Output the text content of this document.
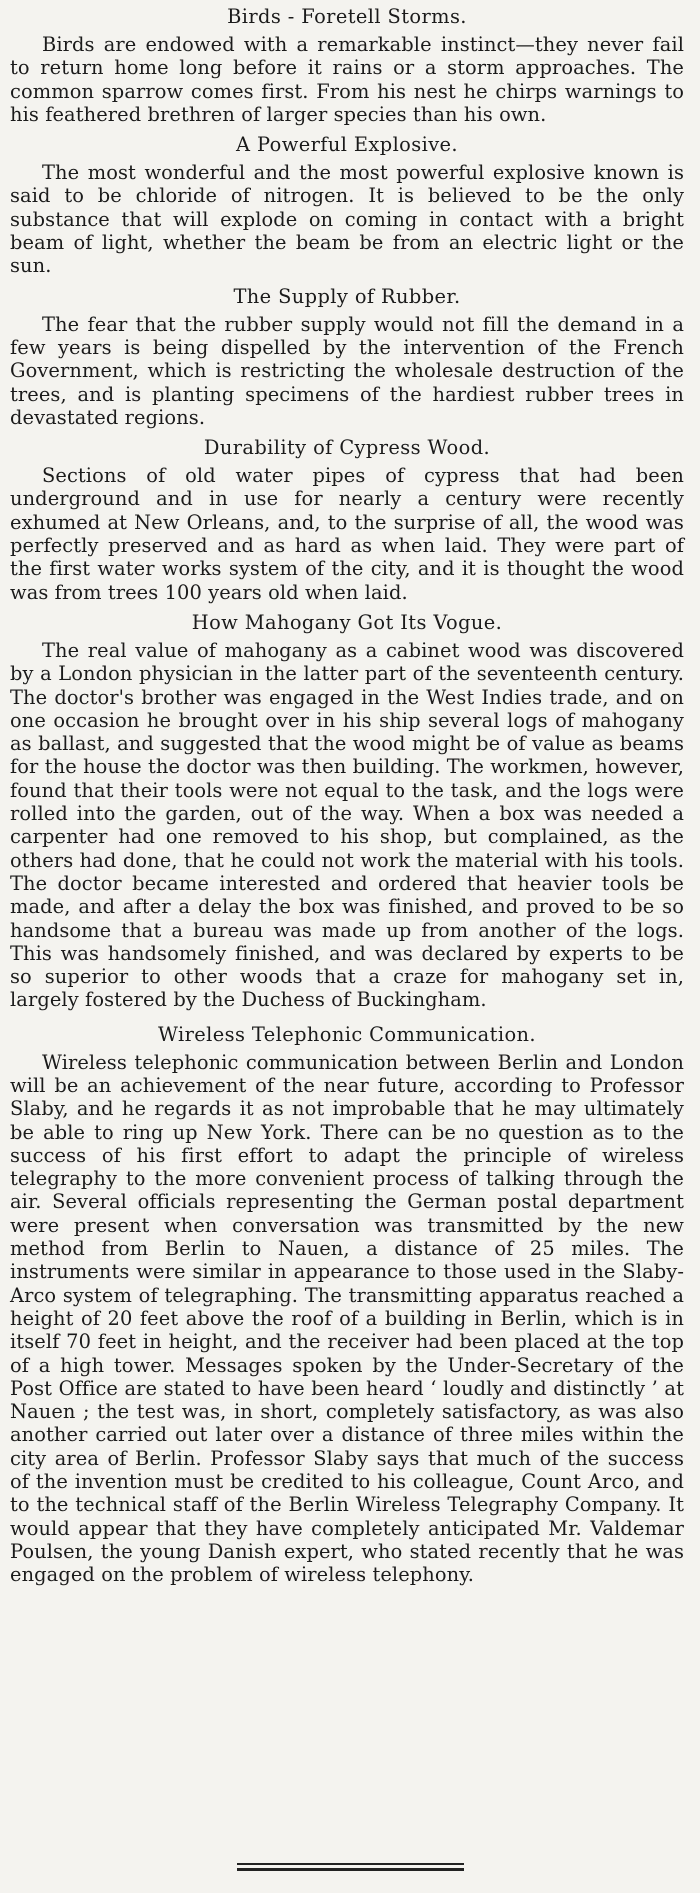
Birds - Foretell Storms.

Birds are endowed with a remarkable instinct—they never fail to return home long before it rains or a storm approaches. The common sparrow comes first. From his nest he chirps warnings to his feathered brethren of larger species than his own.

A Powerful Explosive.

The most wonderful and the most powerful explosive known is said to be chloride of nitrogen. It is believed to be the only substance that will explode on coming in contact with a bright beam of light, whether the beam be from an electric light or the sun.

The Supply of Rubber.

The fear that the rubber supply would not fill the demand in a few years is being dispelled by the intervention of the French Government, which is restricting the wholesale destruction of the trees, and is planting specimens of the hardiest rubber trees in devastated regions.

Durability of Cypress Wood.

Sections of old water pipes of cypress that had been underground and in use for nearly a century were recently exhumed at New Orleans, and, to the surprise of all, the wood was perfectly preserved and as hard as when laid. They were part of the first water works system of the city, and it is thought the wood was from trees 100 years old when laid.

How Mahogany Got Its Vogue.

The real value of mahogany as a cabinet wood was discovered by a London physician in the latter part of the seventeenth century. The doctor's brother was engaged in the West Indies trade, and on one occasion he brought over in his ship several logs of mahogany as ballast, and suggested that the wood might be of value as beams for the house the doctor was then building. The workmen, however, found that their tools were not equal to the task, and the logs were rolled into the garden, out of the way. When a box was needed a carpenter had one removed to his shop, but complained, as the others had done, that he could not work the material with his tools. The doctor became interested and ordered that heavier tools be made, and after a delay the box was finished, and proved to be so handsome that a bureau was made up from another of the logs. This was handsomely finished, and was declared by experts to be so superior to other woods that a craze for mahogany set in, largely fostered by the Duchess of Buckingham.

Wireless Telephonic Communication.

Wireless telephonic communication between Berlin and London will be an achievement of the near future, according to Professor Slaby, and he regards it as not improbable that he may ultimately be able to ring up New York. There can be no question as to the success of his first effort to adapt the principle of wireless telegraphy to the more convenient process of talking through the air. Several officials representing the German postal department were present when conversation was transmitted by the new method from Berlin to Nauen, a distance of 25 miles. The instruments were similar in appearance to those used in the Slaby-Arco system of telegraphing. The transmitting apparatus reached a height of 20 feet above the roof of a building in Berlin, which is in itself 70 feet in height, and the receiver had been placed at the top of a high tower. Messages spoken by the Under-Secretary of the Post Office are stated to have been heard ‘ loudly and distinctly ’ at Nauen ; the test was, in short, completely satisfactory, as was also another carried out later over a distance of three miles within the city area of Berlin. Professor Slaby says that much of the success of the invention must be credited to his colleague, Count Arco, and to the technical staff of the Berlin Wireless Telegraphy Company. It would appear that they have completely anticipated Mr. Valdemar Poulsen, the young Danish expert, who stated recently that he was engaged on the problem of wireless telephony.
